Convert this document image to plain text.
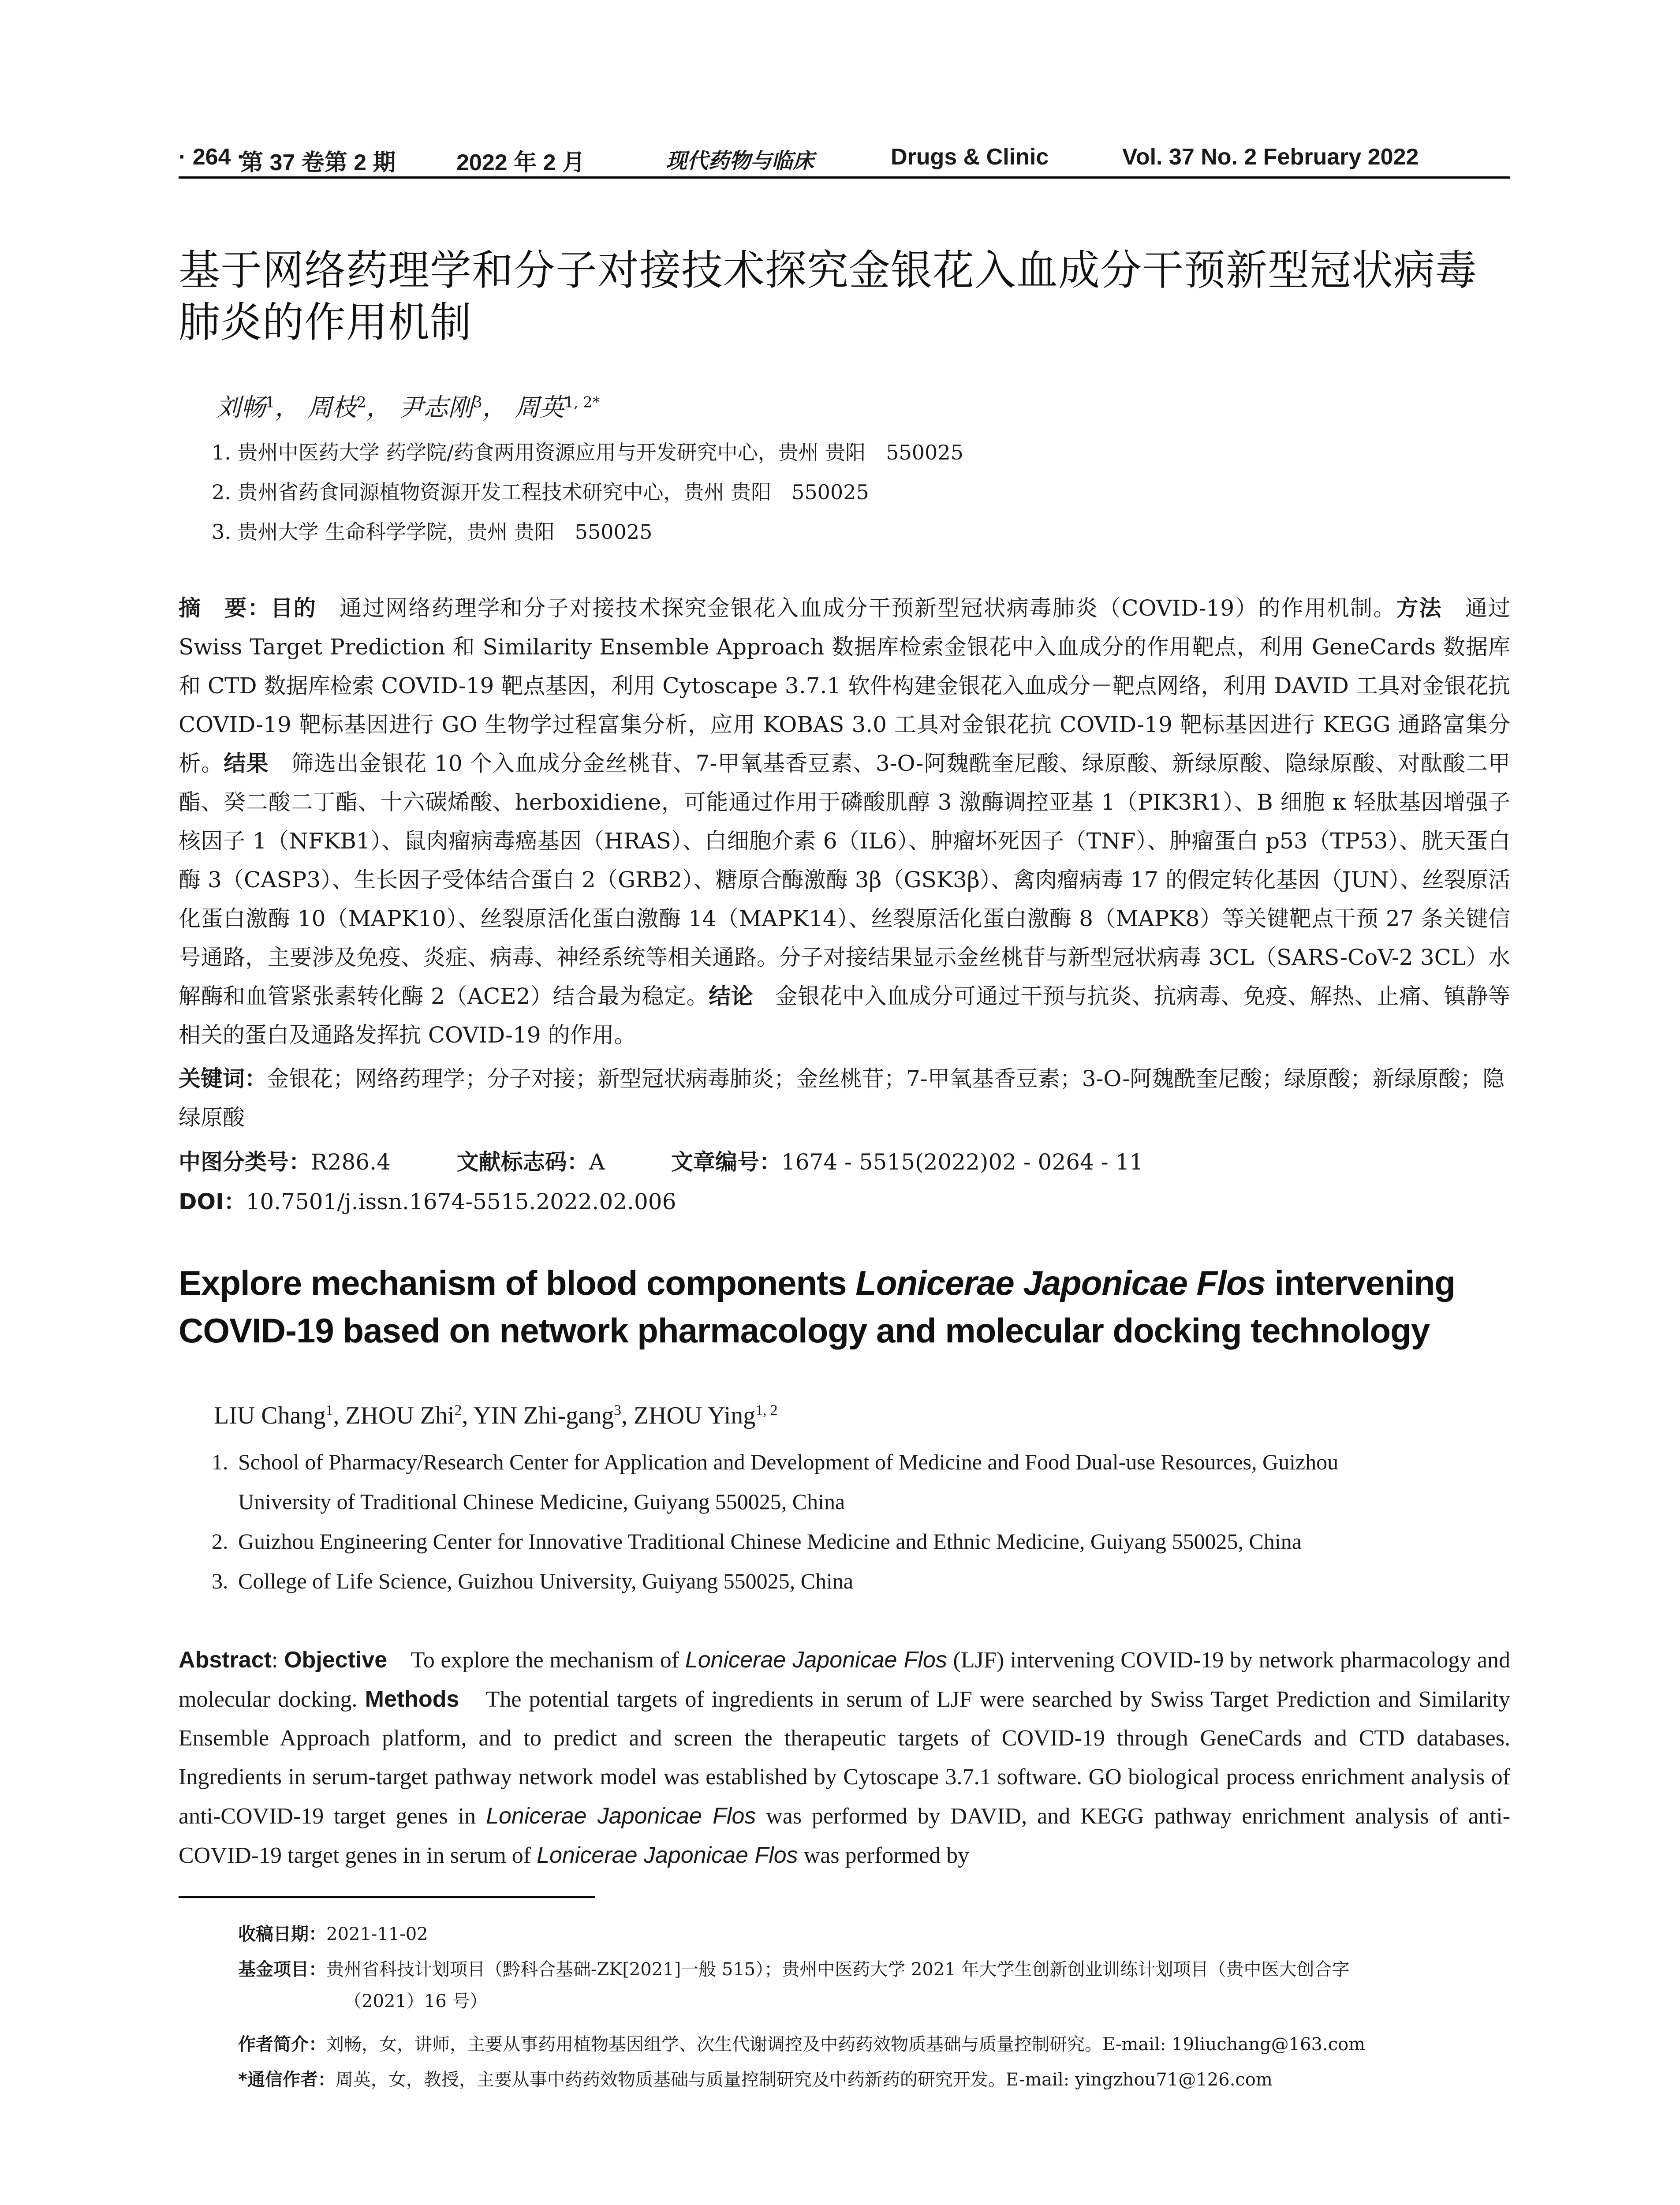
· 264 ·
第 37 卷第 2 期	2022 年 2 月	现代药物与临床	Drugs & Clinic	Vol. 37 No. 2 February 2022
基于网络药理学和分子对接技术探究金银花入血成分干预新型冠状病毒
肺炎的作用机制
刘畅$^1$， 周枝$^2$， 尹志刚$^3$， 周英$^{1, 2*}$
1. 贵州中医药大学 药学院/药食两用资源应用与开发研究中心，贵州 贵阳　550025
2. 贵州省药食同源植物资源开发工程技术研究中心，贵州 贵阳　550025
3. 贵州大学 生命科学学院，贵州 贵阳　550025
摘　要：目的　通过网络药理学和分子对接技术探究金银花入血成分干预新型冠状病毒肺炎（COVID-19）的作用机制。方法　通过 Swiss Target Prediction 和 Similarity Ensemble Approach 数据库检索金银花中入血成分的作用靶点，利用 GeneCards 数据库和 CTD 数据库检索 COVID-19 靶点基因，利用 Cytoscape 3.7.1 软件构建金银花入血成分－靶点网络，利用 DAVID 工具对金银花抗 COVID-19 靶标基因进行 GO 生物学过程富集分析，应用 KOBAS 3.0 工具对金银花抗 COVID-19 靶标基因进行 KEGG 通路富集分析。结果　筛选出金银花 10 个入血成分金丝桃苷、7-甲氧基香豆素、3-O-阿魏酰奎尼酸、绿原酸、新绿原酸、隐绿原酸、对酞酸二甲酯、癸二酸二丁酯、十六碳烯酸、herboxidiene，可能通过作用于磷酸肌醇 3 激酶调控亚基 1（PIK3R1）、B 细胞 κ 轻肽基因增强子核因子 1（NFKB1）、鼠肉瘤病毒癌基因（HRAS）、白细胞介素 6（IL6）、肿瘤坏死因子（TNF）、肿瘤蛋白 p53（TP53）、胱天蛋白酶 3（CASP3）、生长因子受体结合蛋白 2（GRB2）、糖原合酶激酶 3β（GSK3β）、禽肉瘤病毒 17 的假定转化基因（JUN）、丝裂原活化蛋白激酶 10（MAPK10）、丝裂原活化蛋白激酶 14（MAPK14）、丝裂原活化蛋白激酶 8（MAPK8）等关键靶点干预 27 条关键信号通路，主要涉及免疫、炎症、病毒、神经系统等相关通路。分子对接结果显示金丝桃苷与新型冠状病毒 3CL（SARS-CoV-2 3CL）水解酶和血管紧张素转化酶 2（ACE2）结合最为稳定。结论　金银花中入血成分可通过干预与抗炎、抗病毒、免疫、解热、止痛、镇静等相关的蛋白及通路发挥抗 COVID-19 的作用。
关键词：金银花；网络药理学；分子对接；新型冠状病毒肺炎；金丝桃苷；7-甲氧基香豆素；3-O-阿魏酰奎尼酸；绿原酸；新绿原酸；隐绿原酸
中图分类号：R286.4	文献标志码：A	文章编号：1674 - 5515(2022)02 - 0264 - 11
DOI：10.7501/j.issn.1674-5515.2022.02.006
Explore mechanism of blood components Lonicerae Japonicae Flos intervening COVID-19 based on network pharmacology and molecular docking technology
LIU Chang$^1$, ZHOU Zhi$^2$, YIN Zhi-gang$^3$, ZHOU Ying$^{1, 2}$
1. School of Pharmacy/Research Center for Application and Development of Medicine and Food Dual-use Resources, Guizhou
University of Traditional Chinese Medicine, Guiyang 550025, China
2. Guizhou Engineering Center for Innovative Traditional Chinese Medicine and Ethnic Medicine, Guiyang 550025, China
3. College of Life Science, Guizhou University, Guiyang 550025, China
Abstract: Objective　To explore the mechanism of Lonicerae Japonicae Flos (LJF) intervening COVID-19 by network pharmacology and molecular docking. Methods　The potential targets of ingredients in serum of LJF were searched by Swiss Target Prediction and Similarity Ensemble Approach platform, and to predict and screen the therapeutic targets of COVID-19 through GeneCards and CTD databases. Ingredients in serum-target pathway network model was established by Cytoscape 3.7.1 software. GO biological process enrichment analysis of anti-COVID-19 target genes in Lonicerae Japonicae Flos was performed by DAVID, and KEGG pathway enrichment analysis of anti-COVID-19 target genes in in serum of Lonicerae Japonicae Flos was performed by
收稿日期：2021-11-02
基金项目：贵州省科技计划项目（黔科合基础-ZK[2021]一般 515）；贵州中医药大学 2021 年大学生创新创业训练计划项目（贵中医大创合字
（2021）16 号）
作者简介：刘畅，女，讲师，主要从事药用植物基因组学、次生代谢调控及中药药效物质基础与质量控制研究。E-mail: 19liuchang@163.com
*通信作者：周英，女，教授，主要从事中药药效物质基础与质量控制研究及中药新药的研究开发。E-mail: yingzhou71@126.com
